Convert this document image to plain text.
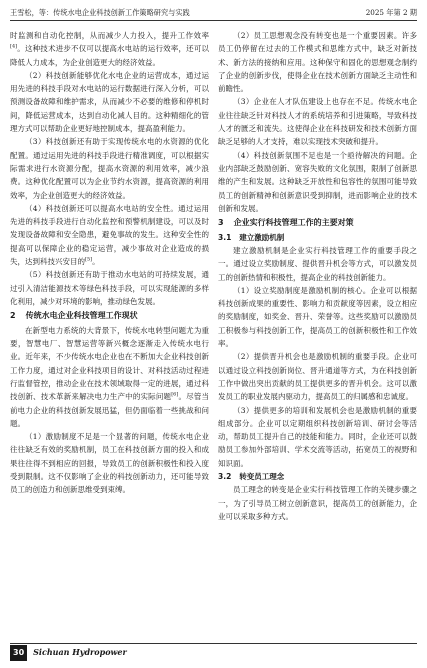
王雪松，等：传统水电企业科技创新工作策略研究与实践	2025 年第 2 期

时监测和自动化控制，从而减少人力投入，提升工作效率[4]。这种技术进步不仅可以提高水电站的运行效率，还可以降低人力成本，为企业创造更大的经济效益。

（2）科技创新能够优化水电企业的运营成本，通过运用先进的科技手段对水电站的运行数据进行深入分析，可以预测设备故障和维护需求，从而减少不必要的维修和停机时间，降低运营成本，达到自动化减人目的。这种精细化的管理方式可以帮助企业更好地控制成本，提高盈利能力。

（3）科技创新还有助于实现传统水电的水资源的优化配置。通过运用先进的科技手段进行精准调度，可以根据实际需求进行水资源分配，提高水资源的利用效率，减少浪费。这种优化配置可以为企业节约水资源，提高资源的利用效率，为企业创造更大的经济效益。

（4）科技创新还可以提高水电站的安全性。通过运用先进的科技手段进行自动化监控和预警机制建设，可以及时发现设备故障和安全隐患，避免事故的发生。这种安全性的提高可以保障企业的稳定运营，减少事故对企业造成的损失，达到科技兴安目的[5]。

（5）科技创新还有助于推动水电站的可持续发展，通过引入清洁能源技术等绿色科技手段，可以实现能源的多样化利用，减少对环境的影响，推动绿色发展。

2 传统水电企业科技管理工作现状

在新型电力系统的大背景下，传统水电转型问题尤为重要，智慧电厂、智慧运营等新兴概念逐渐走入传统水电行业。近年来，不少传统水电企业也在不断加大企业科技创新工作力度，通过对企业科技项目的设计、对科技活动过程进行监督管控，推动企业在技术领域取得一定的进展，通过科技创新、技术革新来解决电力生产中的实际问题[6]。尽管当前电力企业的科技创新发展迅猛，但仍面临着一些挑战和问题。

（1）激励制度不足是一个显著的问题，传统水电企业往往缺乏有效的奖励机制，员工在科技创新方面的投入和成果往往得不到相应的回报，导致员工的创新积极性和投入度受到限制。这不仅影响了企业的科技创新动力，还可能导致员工的创造力和创新思维受到束缚。

（2）员工思想观念没有转变也是一个重要因素。许多员工仍停留在过去的工作模式和思维方式中，缺乏对新技术、新方法的接纳和应用。这种保守和固化的思想观念制约了企业的创新步伐，使得企业在技术创新方面缺乏主动性和前瞻性。

（3）企业在人才队伍建设上也存在不足。传统水电企业往往缺乏针对科技人才的系统培养和引进策略，导致科技人才的匮乏和流失。这使得企业在科技研发和技术创新方面缺乏足够的人才支持，难以实现技术突破和提升。

（4）科技创新氛围不足也是一个亟待解决的问题。企业内部缺乏鼓励创新、宽容失败的文化氛围，限制了创新思维的产生和发展。这种缺乏开放性和包容性的氛围可能导致员工的创新精神和创新意识受到抑制，进而影响企业的技术创新和发展。

3 企业实行科技管理工作的主要对策
3.1 建立激励机制

建立激励机制是企业实行科技管理工作的重要手段之一。通过设立奖励制度、提供晋升机会等方式，可以激发员工的创新热情和积极性，提高企业的科技创新能力。

（1）设立奖励制度是激励机制的核心。企业可以根据科技创新成果的重要性、影响力和贡献度等因素，设立相应的奖励制度，如奖金、晋升、荣誉等。这些奖励可以激励员工积极参与科技创新工作，提高员工的创新积极性和工作效率。

（2）提供晋升机会也是激励机制的重要手段。企业可以通过设立科技创新岗位、晋升通道等方式，为在科技创新工作中做出突出贡献的员工提供更多的晋升机会。这可以激发员工的职业发展内驱动力，提高员工的归属感和忠诚度。

（3）提供更多的培训和发展机会也是激励机制的重要组成部分。企业可以定期组织科技创新培训、研讨会等活动，帮助员工提升自己的技能和能力。同时，企业还可以鼓励员工参加外部培训、学术交流等活动，拓宽员工的视野和知识面。

3.2 转变员工理念

员工理念的转变是企业实行科技管理工作的关键步骤之一，为了引导员工树立创新意识，提高员工的创新能力，企业可以采取多种方式。

30 Sichuan Hydropower
